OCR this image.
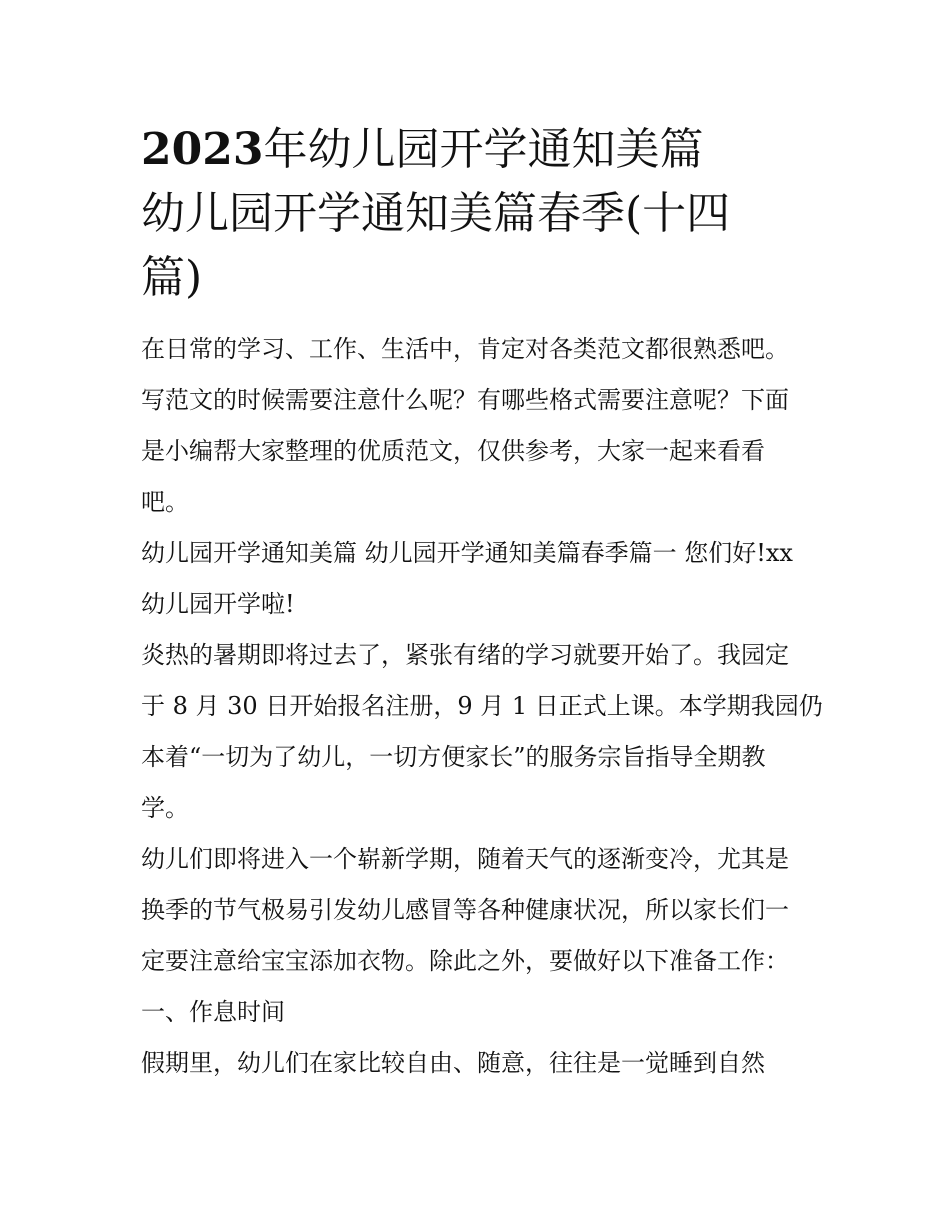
2023年幼儿园开学通知美篇
幼儿园开学通知美篇春季(十四
篇)

在日常的学习、工作、生活中，肯定对各类范文都很熟悉吧。
写范文的时候需要注意什么呢？有哪些格式需要注意呢？下面
是小编帮大家整理的优质范文，仅供参考，大家一起来看看
吧。

幼儿园开学通知美篇 幼儿园开学通知美篇春季篇一 您们好!xx
幼儿园开学啦!

炎热的暑期即将过去了，紧张有绪的学习就要开始了。我园定
于 8 月 30 日开始报名注册，9 月 1 日正式上课。本学期我园仍
本着“一切为了幼儿，一切方便家长”的服务宗旨指导全期教
学。

幼儿们即将进入一个崭新学期，随着天气的逐渐变冷，尤其是
换季的节气极易引发幼儿感冒等各种健康状况，所以家长们一
定要注意给宝宝添加衣物。除此之外，要做好以下准备工作：

一、作息时间

假期里，幼儿们在家比较自由、随意，往往是一觉睡到自然
